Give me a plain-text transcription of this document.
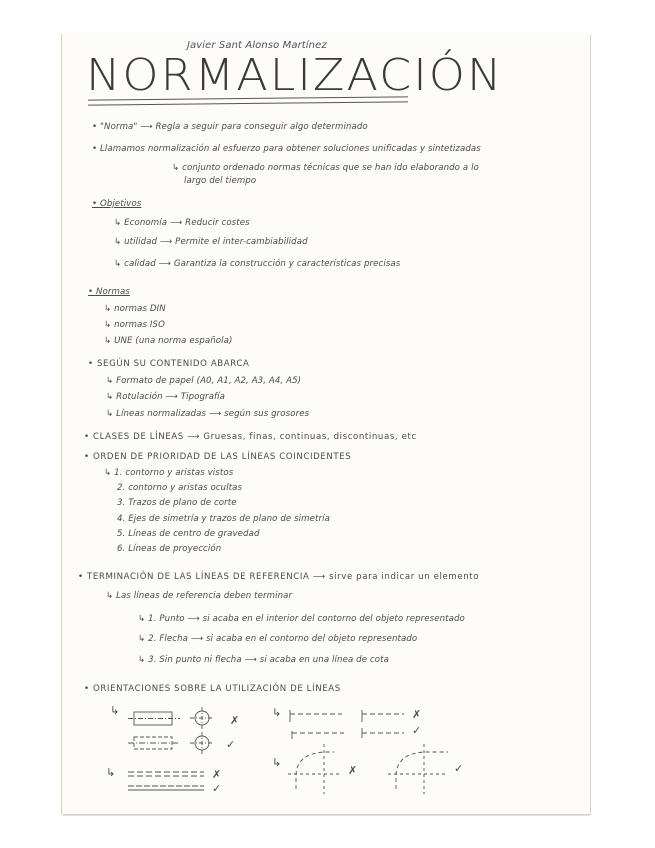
Javier Sant Alonso Martínez
NORMALIZACIÓN
• "Norma" ⟶ Regla a seguir para conseguir algo determinado
• Llamamos normalización al esfuerzo para obtener soluciones unificadas y sintetizadas
↳ conjunto ordenado normas técnicas que se han ido elaborando a lo
largo del tiempo
• Objetivos
↳ Economía ⟶ Reducir costes
↳ utilidad ⟶ Permite el inter-cambiabilidad
↳ calidad ⟶ Garantiza la construcción y características precisas
• Normas
↳ normas DIN
↳ normas ISO
↳ UNE (una norma española)
• SEGÚN SU CONTENIDO ABARCA
↳ Formato de papel (A0, A1, A2, A3, A4, A5)
↳ Rotulación ⟶ Tipografía
↳ Líneas normalizadas ⟶ según sus grosores
• CLASES DE LÍNEAS ⟶ Gruesas, finas, continuas, discontinuas, etc
• ORDEN DE PRIORIDAD DE LAS LÍNEAS COINCIDENTES
↳ 1. contorno y aristas vistos
2. contorno y aristas ocultas
3. Trazos de plano de corte
4. Ejes de simetría y trazos de plano de simetría
5. Líneas de centro de gravedad
6. Líneas de proyección
• TERMINACIÓN DE LAS LÍNEAS DE REFERENCIA ⟶ sirve para indicar un elemento
↳ Las líneas de referencia deben terminar
↳ 1. Punto ⟶ si acaba en el interior del contorno del objeto representado
↳ 2. Flecha ⟶ si acaba en el contorno del objeto representado
↳ 3. Sin punto ni flecha ⟶ si acaba en una línea de cota
• ORIENTACIONES SOBRE LA UTILIZACIÓN DE LÍNEAS
↳	↳
↳
↳
✗
✓
✗
✓
✗
✓
✗	✓
